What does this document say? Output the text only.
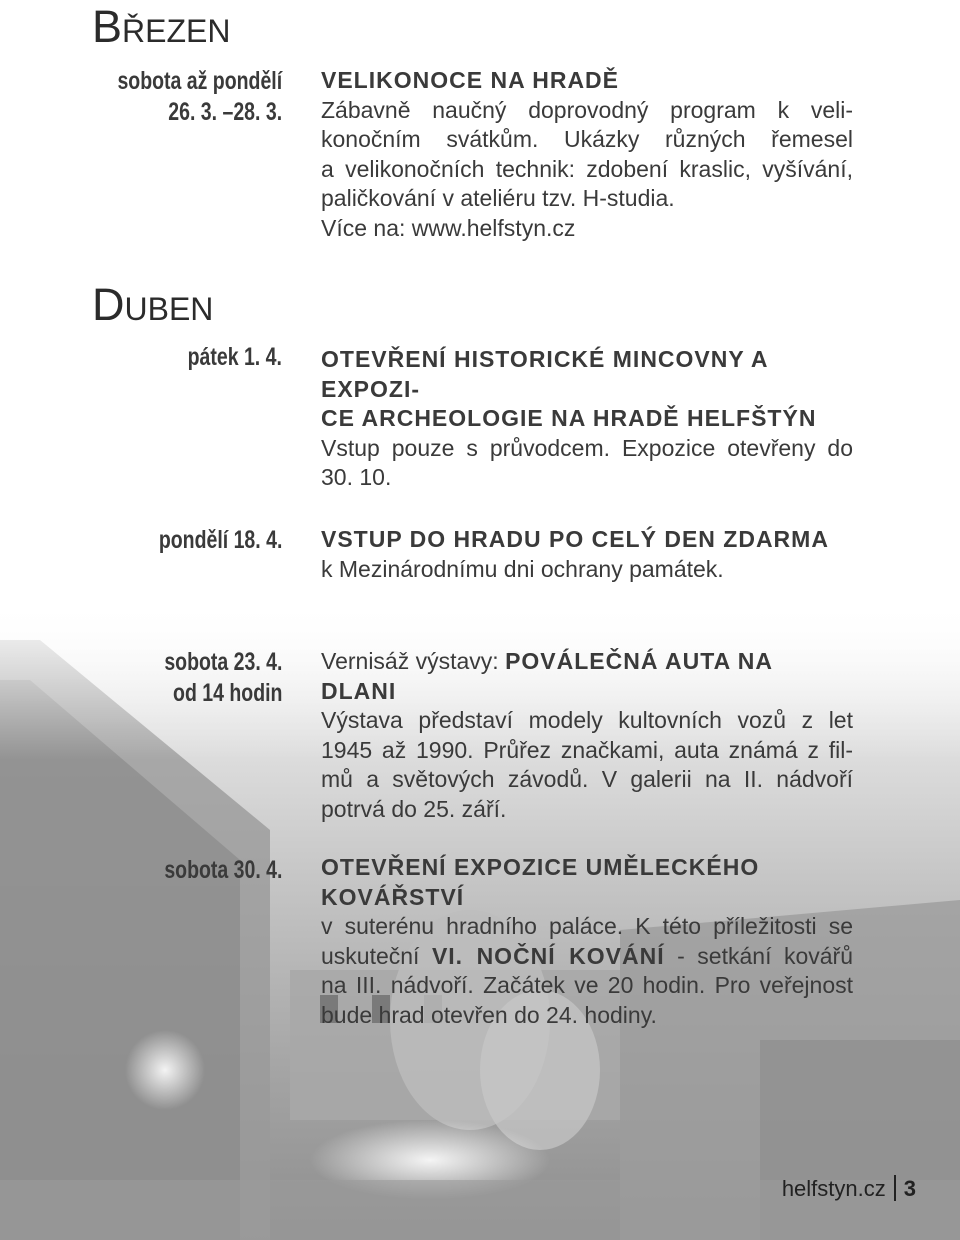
BŘEZEN
sobota až pondělí
26. 3. –28. 3.
VELIKONOCE NA HRADĚ
Zábavně naučný doprovodný program k veli-
konočním svátkům. Ukázky různých řemesel
a velikonočních technik: zdobení kraslic, vyšívání,
paličkování v ateliéru tzv. H-studia.
Více na: www.helfstyn.cz
DUBEN
pátek 1. 4. OTEVŘENÍ HISTORICKÉ MINCOVNY A EXPOZI-
CE ARCHEOLOGIE NA HRADĚ HELFŠTÝN
Vstup pouze s průvodcem. Expozice otevřeny do
30. 10.
pondělí 18. 4. VSTUP DO HRADU PO CELÝ DEN ZDARMA
k Mezinárodnímu dni ochrany památek.
sobota 23. 4.
od 14 hodin
Vernisáž výstavy: POVÁLEČNÁ AUTA NA DLANI
Výstava představí modely kultovních vozů z let
1945 až 1990. Průřez značkami, auta známá z fil-
mů a světových závodů. V galerii na II. nádvoří
potrvá do 25. září.
sobota 30. 4. OTEVŘENÍ EXPOZICE UMĚLECKÉHO KOVÁŘSTVÍ
v suterénu hradního paláce. K této příležitosti se
uskuteční VI. NOČNÍ KOVÁNÍ - setkání kovářů
na III. nádvoří. Začátek ve 20 hodin. Pro veřejnost
bude hrad otevřen do 24. hodiny.
helfstyn.cz 3
